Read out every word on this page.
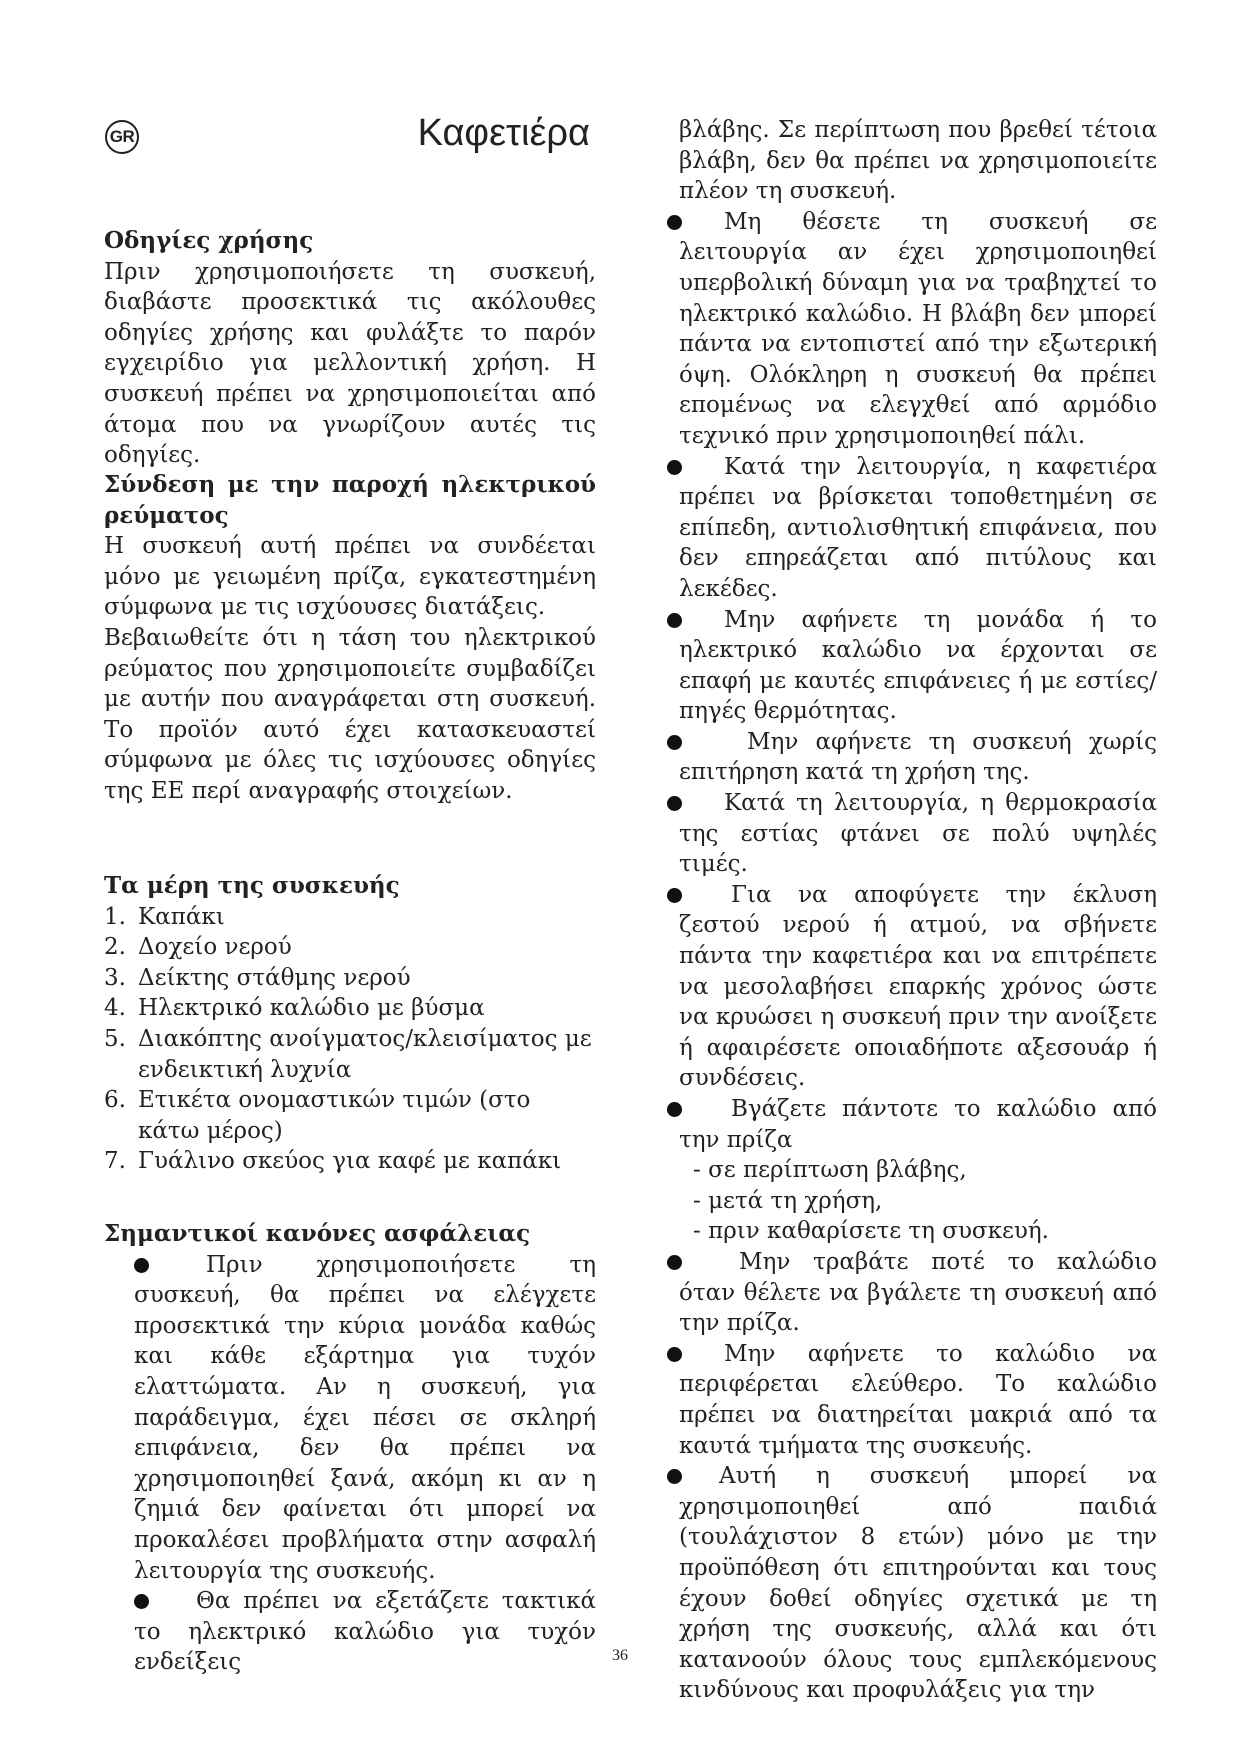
GR	Καφετιέρα

Οδηγίες χρήσης

Πριν χρησιμοποιήσετε τη συσκευή, διαβάστε προσεκτικά τις ακόλουθες οδηγίες χρήσης και φυλάξτε το παρόν εγχειρίδιο για μελλοντική χρήση. Η συσκευή πρέπει να χρησιμοποιείται από άτομα που να γνωρίζουν αυτές τις οδηγίες.

Σύνδεση με την παροχή ηλεκτρικού ρεύματος

Η συσκευή αυτή πρέπει να συνδέεται μόνο με γειωμένη πρίζα, εγκατεστημένη σύμφωνα με τις ισχύουσες διατάξεις.

Βεβαιωθείτε ότι η τάση του ηλεκτρικού ρεύματος που χρησιμοποιείτε συμβαδίζει με αυτήν που αναγράφεται στη συσκευή. Το προϊόν αυτό έχει κατασκευαστεί σύμφωνα με όλες τις ισχύουσες οδηγίες της ΕΕ περί αναγραφής στοιχείων.

Τα μέρη της συσκευής

1. Καπάκι
2. Δοχείο νερού
3. Δείκτης στάθμης νερού
4. Ηλεκτρικό καλώδιο με βύσμα
5. Διακόπτης ανοίγματος/κλεισίματος με ενδεικτική λυχνία
6. Ετικέτα ονομαστικών τιμών (στο κάτω μέρος)
7. Γυάλινο σκεύος για καφέ με καπάκι

Σημαντικοί κανόνες ασφάλειας

Πριν χρησιμοποιήσετε τη συσκευή, θα πρέπει να ελέγχετε προσεκτικά την κύρια μονάδα καθώς και κάθε εξάρτημα για τυχόν ελαττώματα. Αν η συσκευή, για παράδειγμα, έχει πέσει σε σκληρή επιφάνεια, δεν θα πρέπει να χρησιμοποιηθεί ξανά, ακόμη κι αν η ζημιά δεν φαίνεται ότι μπορεί να προκαλέσει προβλήματα στην ασφαλή λειτουργία της συσκευής.

Θα πρέπει να εξετάζετε τακτικά το ηλεκτρικό καλώδιο για τυχόν ενδείξεις

βλάβης. Σε περίπτωση που βρεθεί τέτοια βλάβη, δεν θα πρέπει να χρησιμοποιείτε πλέον τη συσκευή.

Μη θέσετε τη συσκευή σε λειτουργία αν έχει χρησιμοποιηθεί υπερβολική δύναμη για να τραβηχτεί το ηλεκτρικό καλώδιο. Η βλάβη δεν μπορεί πάντα να εντοπιστεί από την εξωτερική όψη. Ολόκληρη η συσκευή θα πρέπει επομένως να ελεγχθεί από αρμόδιο τεχνικό πριν χρησιμοποιηθεί πάλι.

Κατά την λειτουργία, η καφετιέρα πρέπει να βρίσκεται τοποθετημένη σε επίπεδη, αντιολισθητική επιφάνεια, που δεν επηρεάζεται από πιτύλους και λεκέδες.

Μην αφήνετε τη μονάδα ή το ηλεκτρικό καλώδιο να έρχονται σε επαφή με καυτές επιφάνειες ή με εστίες/πηγές θερμότητας.

Μην αφήνετε τη συσκευή χωρίς επιτήρηση κατά τη χρήση της.

Κατά τη λειτουργία, η θερμοκρασία της εστίας φτάνει σε πολύ υψηλές τιμές.

Για να αποφύγετε την έκλυση ζεστού νερού ή ατμού, να σβήνετε πάντα την καφετιέρα και να επιτρέπετε να μεσολαβήσει επαρκής χρόνος ώστε να κρυώσει η συσκευή πριν την ανοίξετε ή αφαιρέσετε οποιαδήποτε αξεσουάρ ή συνδέσεις.

Βγάζετε πάντοτε το καλώδιο από την πρίζα

- σε περίπτωση βλάβης,

- μετά τη χρήση,

- πριν καθαρίσετε τη συσκευή.

Μην τραβάτε ποτέ το καλώδιο όταν θέλετε να βγάλετε τη συσκευή από την πρίζα.

Μην αφήνετε το καλώδιο να περιφέρεται ελεύθερο. Το καλώδιο πρέπει να διατηρείται μακριά από τα καυτά τμήματα της συσκευής.

Αυτή η συσκευή μπορεί να χρησιμοποιηθεί από παιδιά (τουλάχιστον 8 ετών) μόνο με την προϋπόθεση ότι επιτηρούνται και τους έχουν δοθεί οδηγίες σχετικά με τη χρήση της συσκευής, αλλά και ότι κατανοούν όλους τους εμπλεκόμενους κινδύνους και προφυλάξεις για την

36
